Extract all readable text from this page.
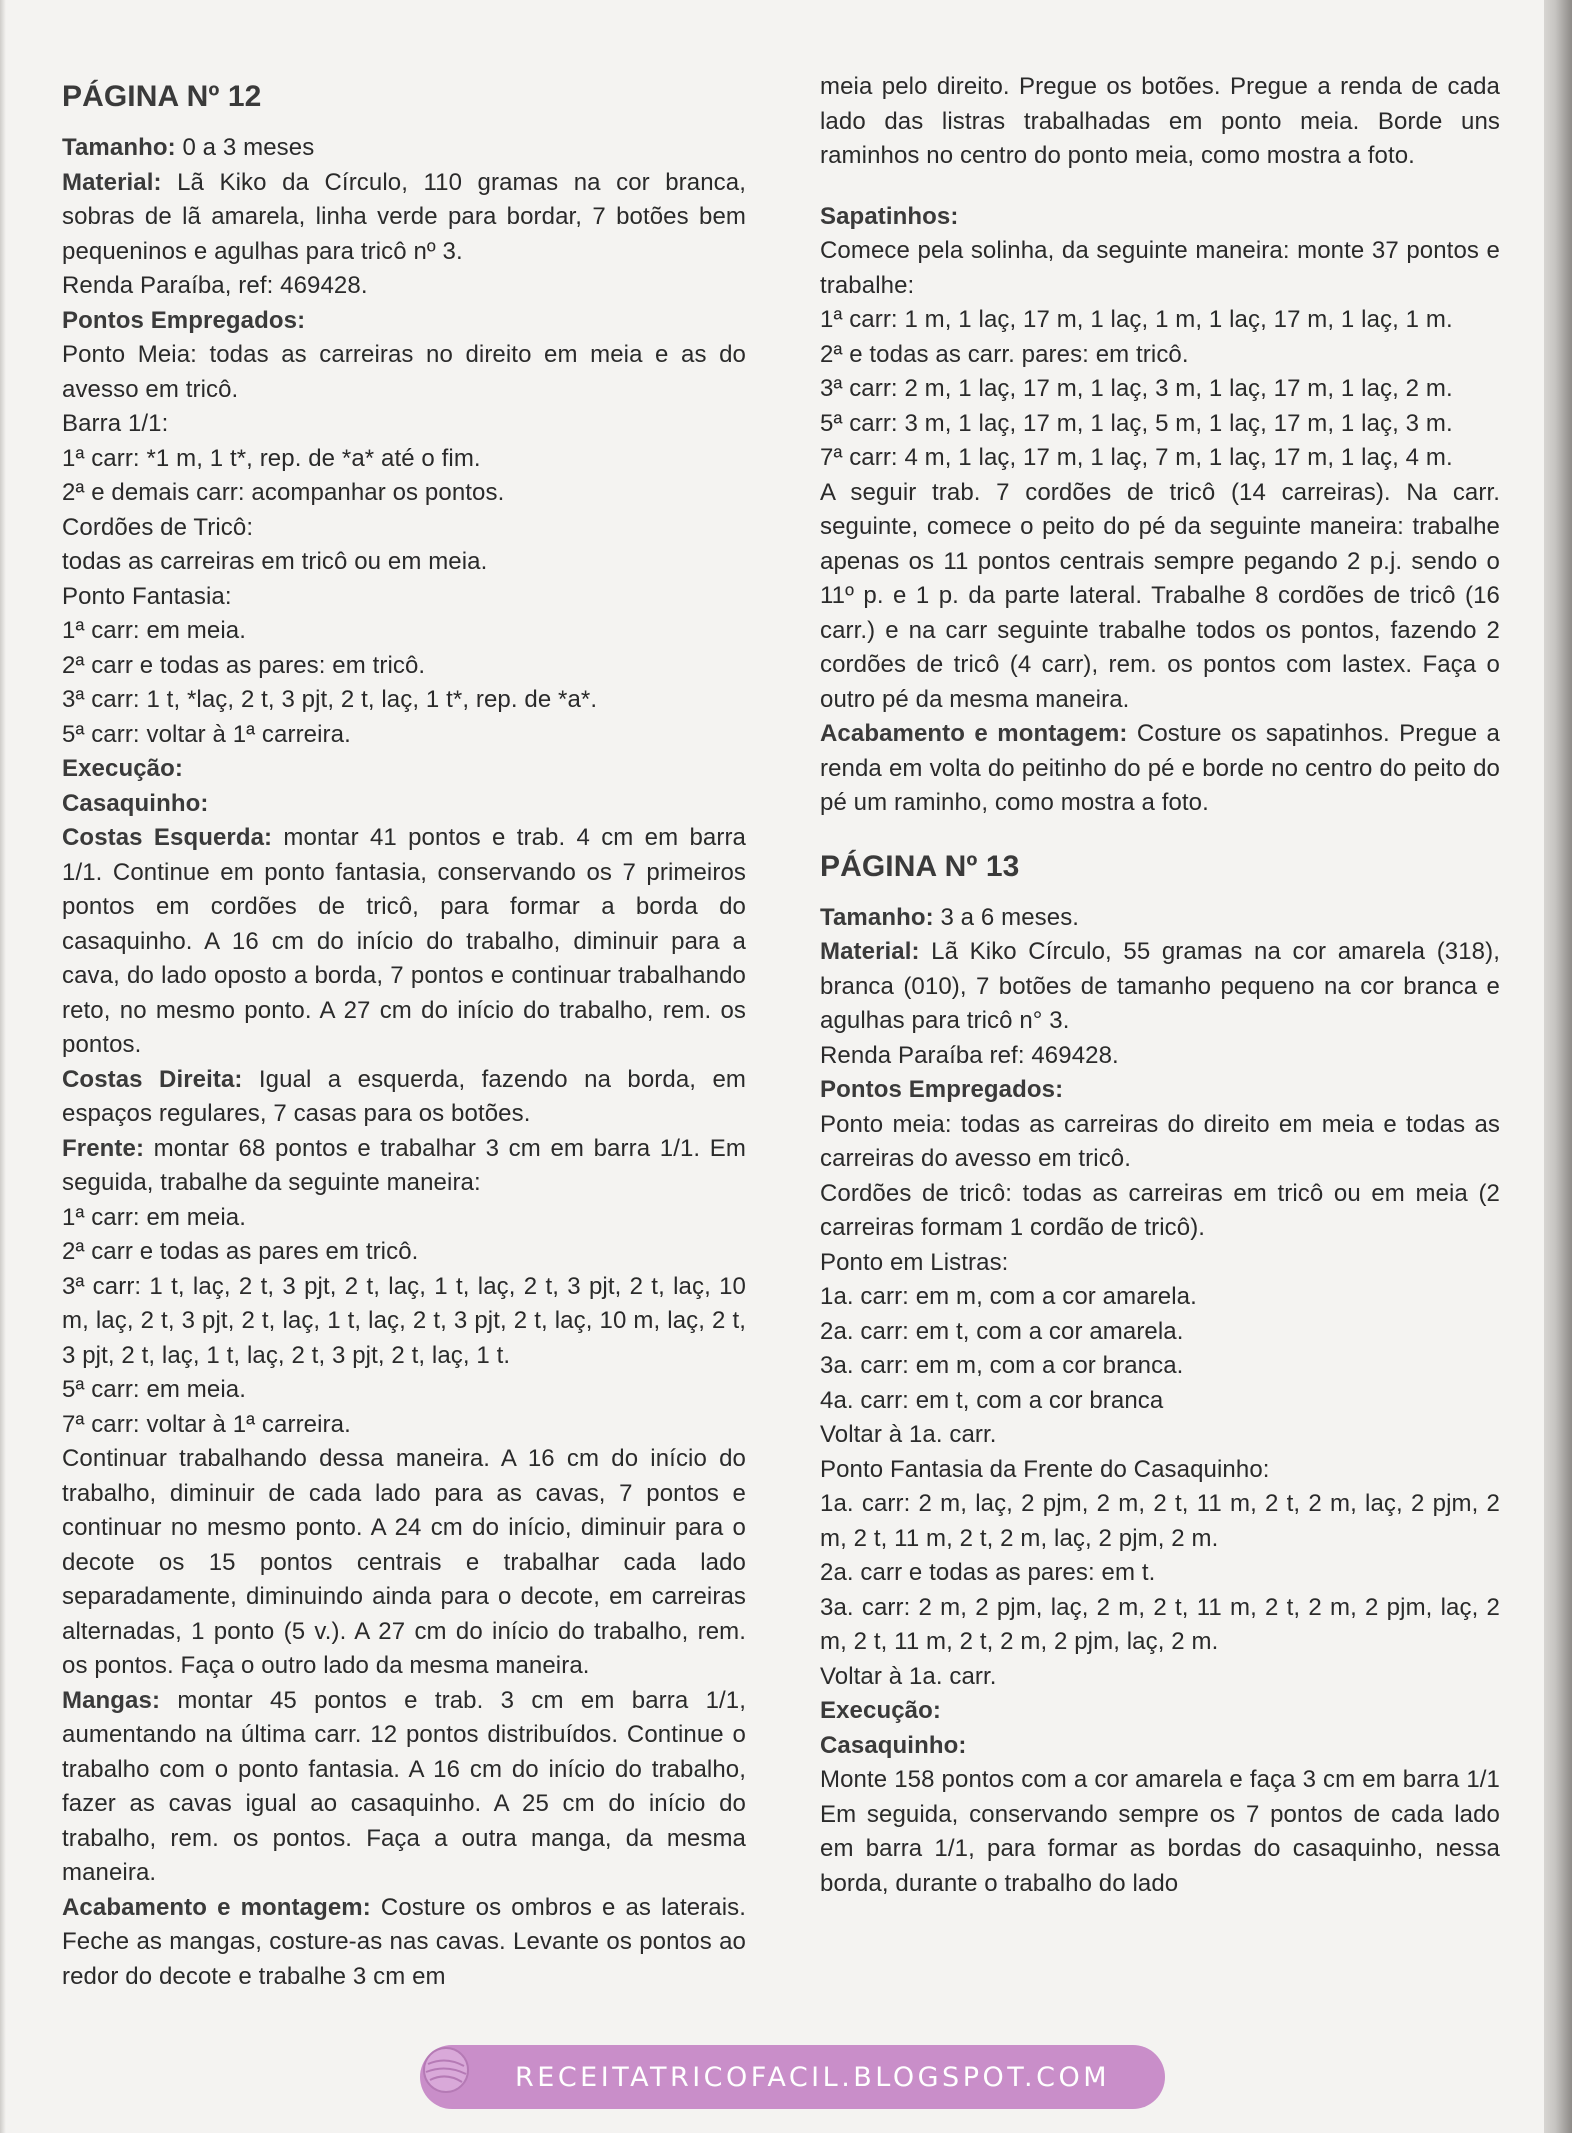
PÁGINA Nº 12

Tamanho: 0 a 3 meses

Material: Lã Kiko da Círculo, 110 gramas na cor branca, sobras de lã amarela, linha verde para bordar, 7 botões bem pequeninos e agulhas para tricô nº 3.

Renda Paraíba, ref: 469428.

Pontos Empregados:

Ponto Meia: todas as carreiras no direito em meia e as do avesso em tricô.

Barra 1/1:

1ª carr: *1 m, 1 t*, rep. de *a* até o fim.

2ª e demais carr: acompanhar os pontos.

Cordões de Tricô:

todas as carreiras em tricô ou em meia.

Ponto Fantasia:

1ª carr: em meia.

2ª carr e todas as pares: em tricô.

3ª carr: 1 t, *laç, 2 t, 3 pjt, 2 t, laç, 1 t*, rep. de *a*.

5ª carr: voltar à 1ª carreira.

Execução:

Casaquinho:

Costas Esquerda: montar 41 pontos e trab. 4 cm em barra 1/1. Continue em ponto fantasia, conservando os 7 primeiros pontos em cordões de tricô, para formar a borda do casaquinho. A 16 cm do início do trabalho, diminuir para a cava, do lado oposto a borda, 7 pontos e continuar trabalhando reto, no mesmo ponto. A 27 cm do início do trabalho, rem. os pontos.

Costas Direita: Igual a esquerda, fazendo na borda, em espaços regulares, 7 casas para os botões.

Frente: montar 68 pontos e trabalhar 3 cm em barra 1/1. Em seguida, trabalhe da seguinte maneira:

1ª carr: em meia.

2ª carr e todas as pares em tricô.

3ª carr: 1 t, laç, 2 t, 3 pjt, 2 t, laç, 1 t, laç, 2 t, 3 pjt, 2 t, laç, 10 m, laç, 2 t, 3 pjt, 2 t, laç, 1 t, laç, 2 t, 3 pjt, 2 t, laç, 10 m, laç, 2 t, 3 pjt, 2 t, laç, 1 t, laç, 2 t, 3 pjt, 2 t, laç, 1 t.

5ª carr: em meia.

7ª carr: voltar à 1ª carreira.

Continuar trabalhando dessa maneira. A 16 cm do início do trabalho, diminuir de cada lado para as cavas, 7 pontos e continuar no mesmo ponto. A 24 cm do início, diminuir para o decote os 15 pontos centrais e trabalhar cada lado separadamente, diminuindo ainda para o decote, em carreiras alternadas, 1 ponto (5 v.). A 27 cm do início do trabalho, rem. os pontos. Faça o outro lado da mesma maneira.

Mangas: montar 45 pontos e trab. 3 cm em barra 1/1, aumentando na última carr. 12 pontos distribuídos. Continue o trabalho com o ponto fantasia. A 16 cm do início do trabalho, fazer as cavas igual ao casaquinho. A 25 cm do início do trabalho, rem. os pontos. Faça a outra manga, da mesma maneira.

Acabamento e montagem: Costure os ombros e as laterais. Feche as mangas, costure-as nas cavas. Levante os pontos ao redor do decote e trabalhe 3 cm em

meia pelo direito. Pregue os botões. Pregue a renda de cada lado das listras trabalhadas em ponto meia. Borde uns raminhos no centro do ponto meia, como mostra a foto.

Sapatinhos:

Comece pela solinha, da seguinte maneira: monte 37 pontos e trabalhe:

1ª carr: 1 m, 1 laç, 17 m, 1 laç, 1 m, 1 laç, 17 m, 1 laç, 1 m.

2ª e todas as carr. pares: em tricô.

3ª carr: 2 m, 1 laç, 17 m, 1 laç, 3 m, 1 laç, 17 m, 1 laç, 2 m.

5ª carr: 3 m, 1 laç, 17 m, 1 laç, 5 m, 1 laç, 17 m, 1 laç, 3 m.

7ª carr: 4 m, 1 laç, 17 m, 1 laç, 7 m, 1 laç, 17 m, 1 laç, 4 m.

A seguir trab. 7 cordões de tricô (14 carreiras). Na carr. seguinte, comece o peito do pé da seguinte maneira: trabalhe apenas os 11 pontos centrais sempre pegando 2 p.j. sendo o 11º p. e 1 p. da parte lateral. Trabalhe 8 cordões de tricô (16 carr.) e na carr seguinte trabalhe todos os pontos, fazendo 2 cordões de tricô (4 carr), rem. os pontos com lastex. Faça o outro pé da mesma maneira.

Acabamento e montagem: Costure os sapatinhos. Pregue a renda em volta do peitinho do pé e borde no centro do peito do pé um raminho, como mostra a foto.

PÁGINA Nº 13

Tamanho: 3 a 6 meses.

Material: Lã Kiko Círculo, 55 gramas na cor amarela (318), branca (010), 7 botões de tamanho pequeno na cor branca e agulhas para tricô n° 3.

Renda Paraíba ref: 469428.

Pontos Empregados:

Ponto meia: todas as carreiras do direito em meia e todas as carreiras do avesso em tricô.

Cordões de tricô: todas as carreiras em tricô ou em meia (2 carreiras formam 1 cordão de tricô).

Ponto em Listras:

1a. carr: em m, com a cor amarela.

2a. carr: em t, com a cor amarela.

3a. carr: em m, com a cor branca.

4a. carr: em t, com a cor branca

Voltar à 1a. carr.

Ponto Fantasia da Frente do Casaquinho:

1a. carr: 2 m, laç, 2 pjm, 2 m, 2 t, 11 m, 2 t, 2 m, laç, 2 pjm, 2 m, 2 t, 11 m, 2 t, 2 m, laç, 2 pjm, 2 m.

2a. carr e todas as pares: em t.

3a. carr: 2 m, 2 pjm, laç, 2 m, 2 t, 11 m, 2 t, 2 m, 2 pjm, laç, 2 m, 2 t, 11 m, 2 t, 2 m, 2 pjm, laç, 2 m.

Voltar à 1a. carr.

Execução:

Casaquinho:

Monte 158 pontos com a cor amarela e faça 3 cm em barra 1/1 Em seguida, conservando sempre os 7 pontos de cada lado em barra 1/1, para formar as bordas do casaquinho, nessa borda, durante o trabalho do lado

RECEITATRICOFACIL.BLOGSPOT.COM
